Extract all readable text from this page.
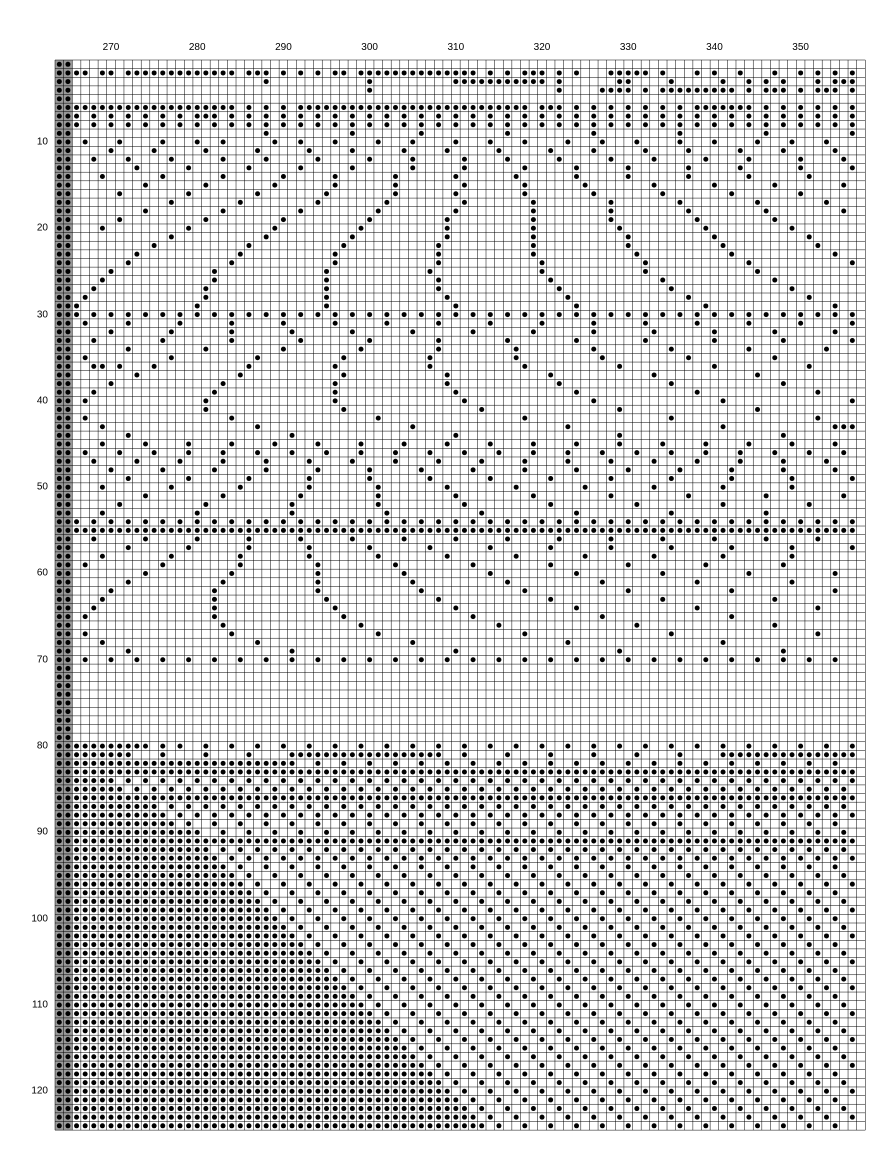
270	280	290	300	310	320	330	340	350
10
20
30
40
50
60
70
80
90
100
110
120
